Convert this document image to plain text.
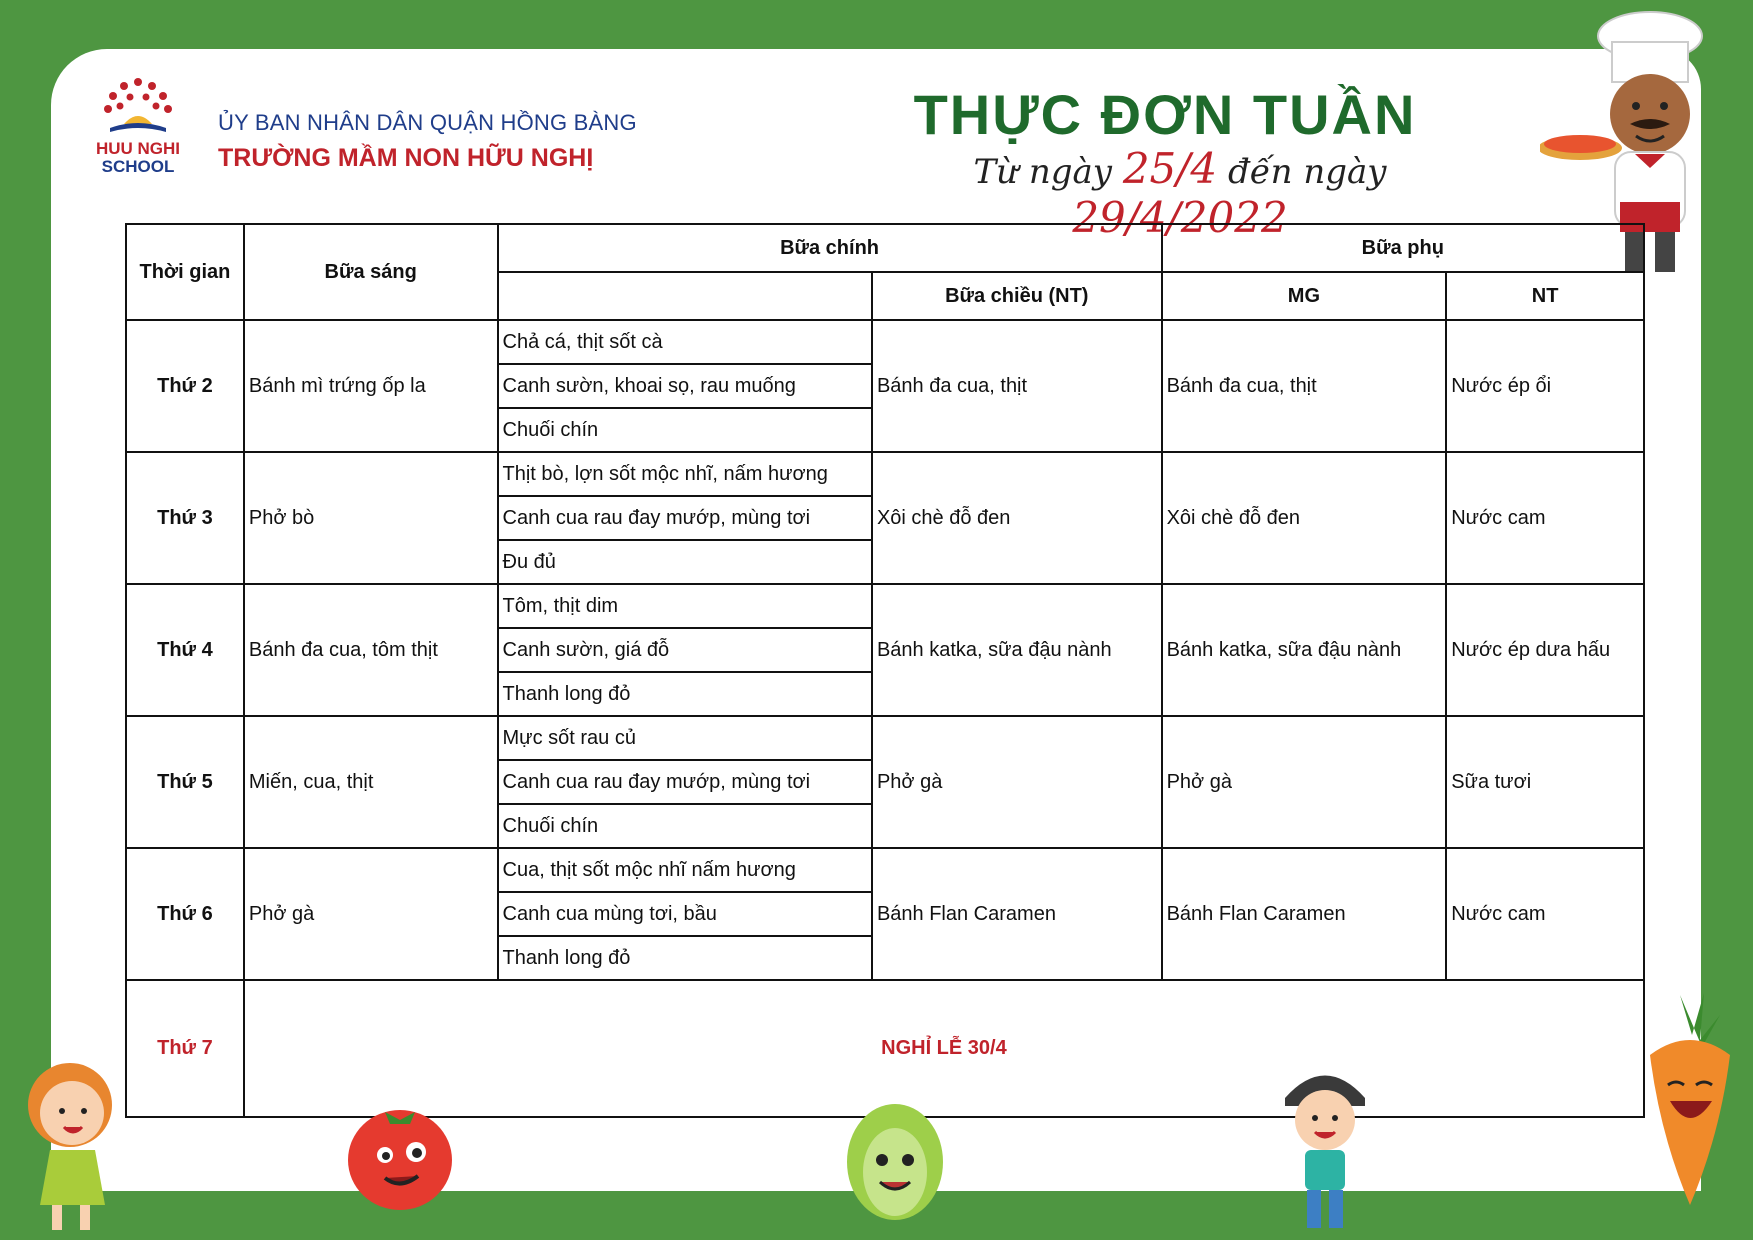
HUU NGHI
SCHOOL
ỦY BAN NHÂN DÂN QUẬN HỒNG BÀNG
TRƯỜNG MẦM NON HỮU NGHỊ
THỰC ĐƠN TUẦN
Từ ngày 25/4 đến ngày 29/4/2022
Thời gian	Bữa sáng	Bữa chính		Bữa phụ	
			Bữa chiều (NT)	MG	NT
Thứ 2	Bánh mì trứng ốp la	Chả cá, thịt sốt cà	Bánh đa cua, thịt	Bánh đa cua, thịt	Nước ép ổi
		Canh sườn, khoai sọ, rau muống			
		Chuối chín			
Thứ 3	Phở bò	Thịt bò, lợn sốt mộc nhĩ, nấm hương	Xôi chè đỗ đen	Xôi chè đỗ đen	Nước cam
		Canh cua rau đay mướp, mùng tơi			
		Đu đủ			
Thứ 4	Bánh đa cua, tôm thịt	Tôm, thịt dim	Bánh katka, sữa đậu nành	Bánh katka, sữa đậu nành	Nước ép dưa hấu
		Canh sườn, giá đỗ			
		Thanh long đỏ			
Thứ 5	Miến, cua, thịt	Mực sốt rau củ	Phở gà	Phở gà	Sữa tươi
		Canh cua rau đay mướp, mùng tơi			
		Chuối chín			
Thứ 6	Phở gà	Cua, thịt sốt mộc nhĩ nấm hương	Bánh Flan Caramen	Bánh Flan Caramen	Nước cam
		Canh cua mùng tơi, bầu			
		Thanh long đỏ			
Thứ 7	NGHỈ LỄ 30/4				
